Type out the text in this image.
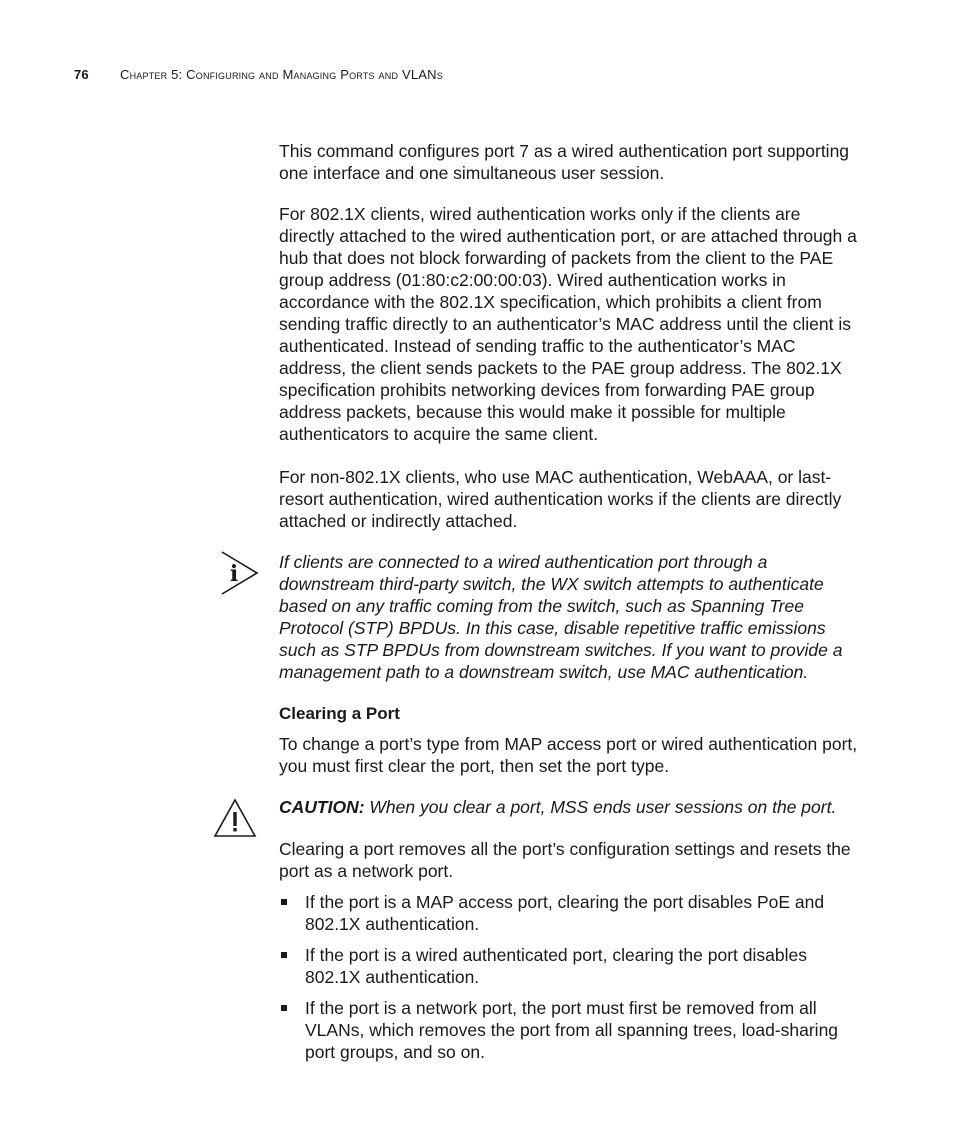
76 Chapter 5: Configuring and Managing Ports and VLANs

This command configures port 7 as a wired authentication port supporting one interface and one simultaneous user session.

For 802.1X clients, wired authentication works only if the clients are directly attached to the wired authentication port, or are attached through a hub that does not block forwarding of packets from the client to the PAE group address (01:80:c2:00:00:03). Wired authentication works in accordance with the 802.1X specification, which prohibits a client from sending traffic directly to an authenticator’s MAC address until the client is authenticated. Instead of sending traffic to the authenticator’s MAC address, the client sends packets to the PAE group address. The 802.1X specification prohibits networking devices from forwarding PAE group address packets, because this would make it possible for multiple authenticators to acquire the same client.

For non-802.1X clients, who use MAC authentication, WebAAA, or last-resort authentication, wired authentication works if the clients are directly attached or indirectly attached.

i If clients are connected to a wired authentication port through a downstream third-party switch, the WX switch attempts to authenticate based on any traffic coming from the switch, such as Spanning Tree Protocol (STP) BPDUs. In this case, disable repetitive traffic emissions such as STP BPDUs from downstream switches. If you want to provide a management path to a downstream switch, use MAC authentication.

Clearing a Port

To change a port’s type from MAP access port or wired authentication port, you must first clear the port, then set the port type.

CAUTION: When you clear a port, MSS ends user sessions on the port.

Clearing a port removes all the port’s configuration settings and resets the port as a network port.

If the port is a MAP access port, clearing the port disables PoE and 802.1X authentication.
If the port is a wired authenticated port, clearing the port disables 802.1X authentication.
If the port is a network port, the port must first be removed from all VLANs, which removes the port from all spanning trees, load-sharing port groups, and so on.
